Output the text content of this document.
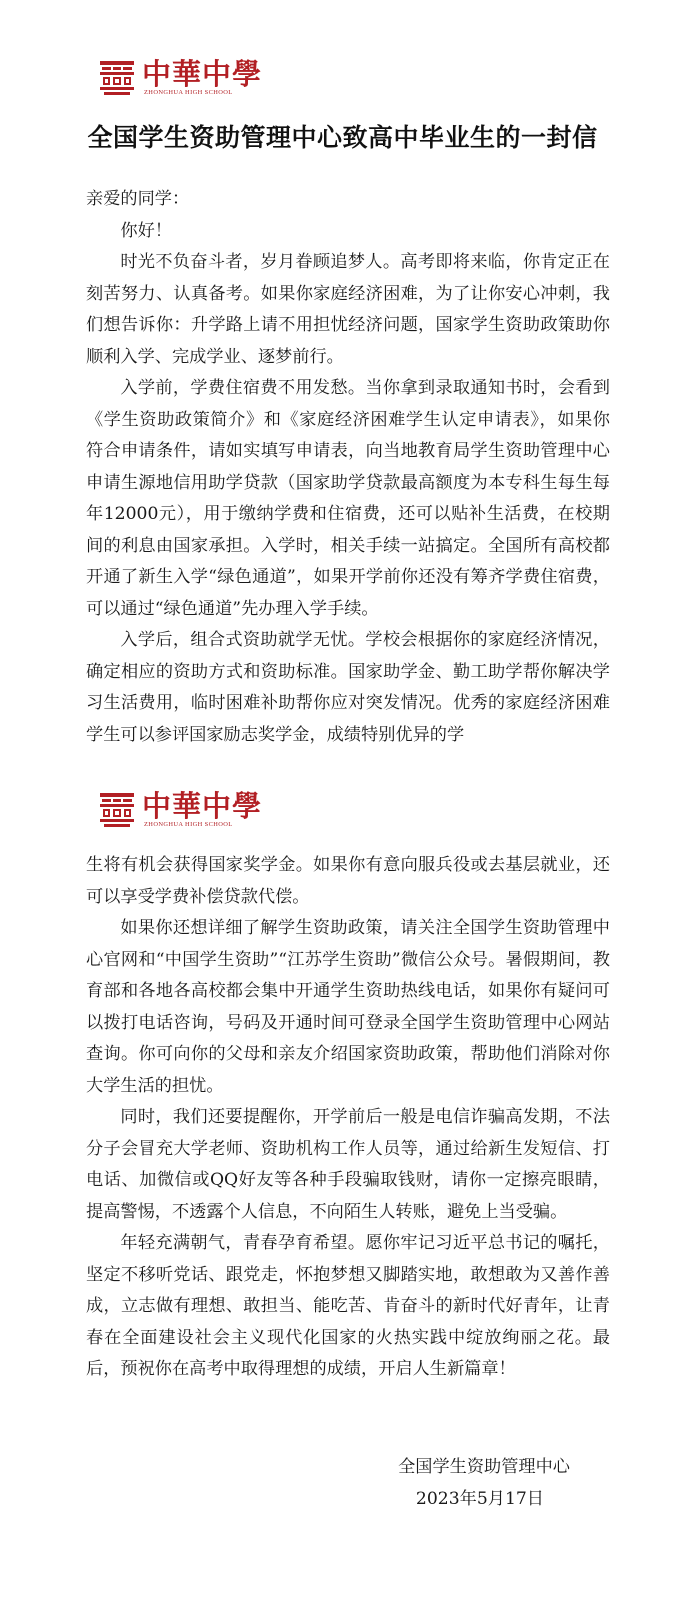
中華中學
ZHONGHUA HIGH SCHOOL
全国学生资助管理中心致高中毕业生的一封信

亲爱的同学：

你好！

时光不负奋斗者，岁月眷顾追梦人。高考即将来临，你肯定正在刻苦努力、认真备考。如果你家庭经济困难，为了让你安心冲刺，我们想告诉你：升学路上请不用担忧经济问题，国家学生资助政策助你顺利入学、完成学业、逐梦前行。

入学前，学费住宿费不用发愁。当你拿到录取通知书时，会看到《学生资助政策简介》和《家庭经济困难学生认定申请表》，如果你符合申请条件，请如实填写申请表，向当地教育局学生资助管理中心申请生源地信用助学贷款（国家助学贷款最高额度为本专科生每生每年12000元），用于缴纳学费和住宿费，还可以贴补生活费，在校期间的利息由国家承担。入学时，相关手续一站搞定。全国所有高校都开通了新生入学“绿色通道”，如果开学前你还没有筹齐学费住宿费，可以通过“绿色通道”先办理入学手续。

入学后，组合式资助就学无忧。学校会根据你的家庭经济情况，确定相应的资助方式和资助标准。国家助学金、勤工助学帮你解决学习生活费用，临时困难补助帮你应对突发情况。优秀的家庭经济困难学生可以参评国家励志奖学金，成绩特别优异的学

中華中學
ZHONGHUA HIGH SCHOOL

生将有机会获得国家奖学金。如果你有意向服兵役或去基层就业，还可以享受学费补偿贷款代偿。

如果你还想详细了解学生资助政策，请关注全国学生资助管理中心官网和“中国学生资助”“江苏学生资助”微信公众号。暑假期间，教育部和各地各高校都会集中开通学生资助热线电话，如果你有疑问可以拨打电话咨询，号码及开通时间可登录全国学生资助管理中心网站查询。你可向你的父母和亲友介绍国家资助政策，帮助他们消除对你大学生活的担忧。

同时，我们还要提醒你，开学前后一般是电信诈骗高发期，不法分子会冒充大学老师、资助机构工作人员等，通过给新生发短信、打电话、加微信或QQ好友等各种手段骗取钱财，请你一定擦亮眼睛，提高警惕，不透露个人信息，不向陌生人转账，避免上当受骗。

年轻充满朝气，青春孕育希望。愿你牢记习近平总书记的嘱托，坚定不移听党话、跟党走，怀抱梦想又脚踏实地，敢想敢为又善作善成，立志做有理想、敢担当、能吃苦、肯奋斗的新时代好青年，让青春在全面建设社会主义现代化国家的火热实践中绽放绚丽之花。最后，预祝你在高考中取得理想的成绩，开启人生新篇章！

全国学生资助管理中心
2023年5月17日
